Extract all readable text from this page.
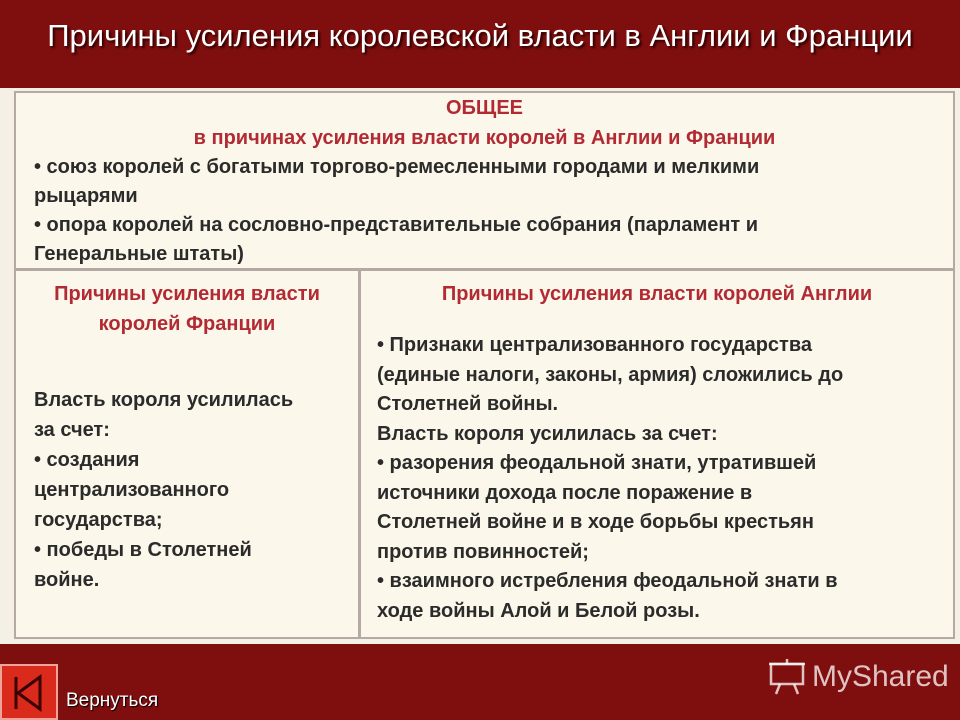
Причины усиления королевской власти в Англии и Франции
ОБЩЕЕ
в причинах усиления власти королей в Англии и Франции
• союз королей с богатыми торгово-ремесленными городами и мелкими
рыцарями
• опора королей на сословно-представительные собрания (парламент и
Генеральные штаты)
Причины усиления власти
королей Франции
Власть короля усилилась
за счет:
• создания
централизованного
государства;
• победы в Столетней
войне.
Причины усиления власти королей Англии
• Признаки централизованного государства
(единые налоги, законы, армия) сложились до
Столетней войны.
Власть короля усилилась за счет:
• разорения феодальной знати, утратившей
источники дохода после поражение в
Столетней войне и в ходе борьбы крестьян
против повинностей;
• взаимного истребления феодальной знати в
ходе войны Алой и Белой розы.
Вернуться
MyShared
